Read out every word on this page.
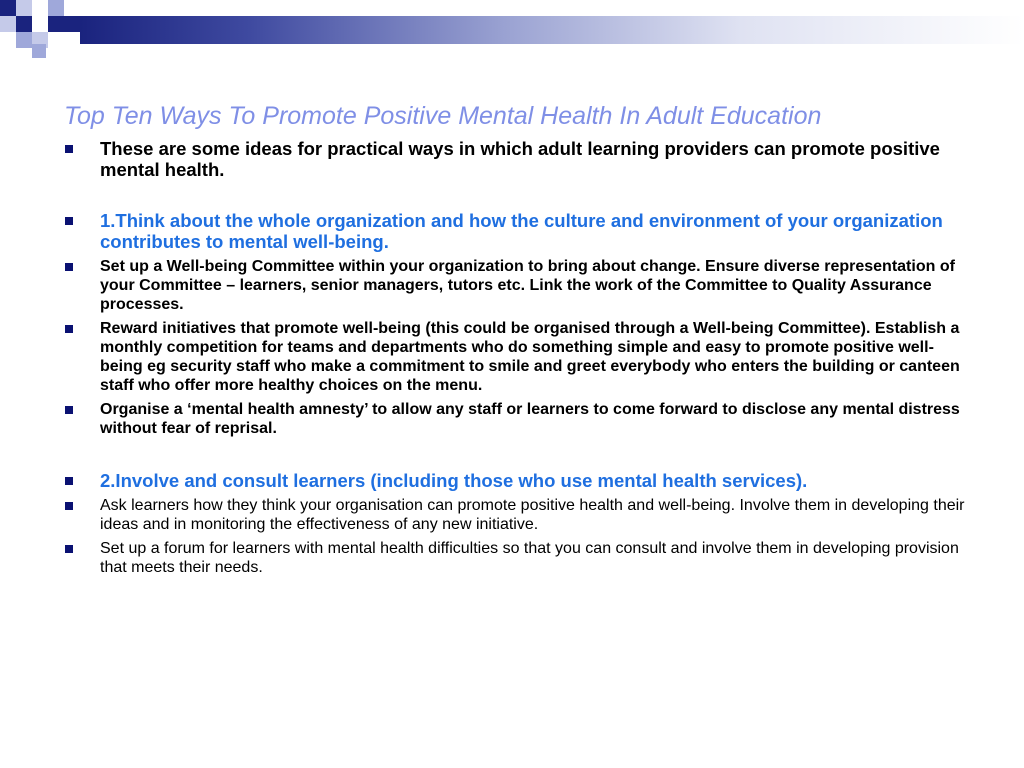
Top Ten Ways To Promote Positive Mental Health In Adult Education
These are some ideas for practical ways in which adult learning providers can promote positive mental health.
1.Think about the whole organization and how the culture and environment of your organization contributes to mental well-being.
Set up a Well-being Committee within your organization to bring about change. Ensure diverse representation of your Committee – learners, senior managers, tutors etc. Link the work of the Committee to Quality Assurance processes.
Reward initiatives that promote well-being (this could be organised through a Well-being Committee). Establish a monthly competition for teams and departments who do something simple and easy to promote positive well-being eg security staff who make a commitment to smile and greet everybody who enters the building or canteen staff who offer more healthy choices on the menu.
Organise a ‘mental health amnesty’ to allow any staff or learners to come forward to disclose any mental distress without fear of reprisal.
2.Involve and consult learners (including those who use mental health services).
Ask learners how they think your organisation can promote positive health and well-being. Involve them in developing their ideas and in monitoring the effectiveness of any new initiative.
Set up a forum for learners with mental health difficulties so that you can consult and involve them in developing provision that meets their needs.
